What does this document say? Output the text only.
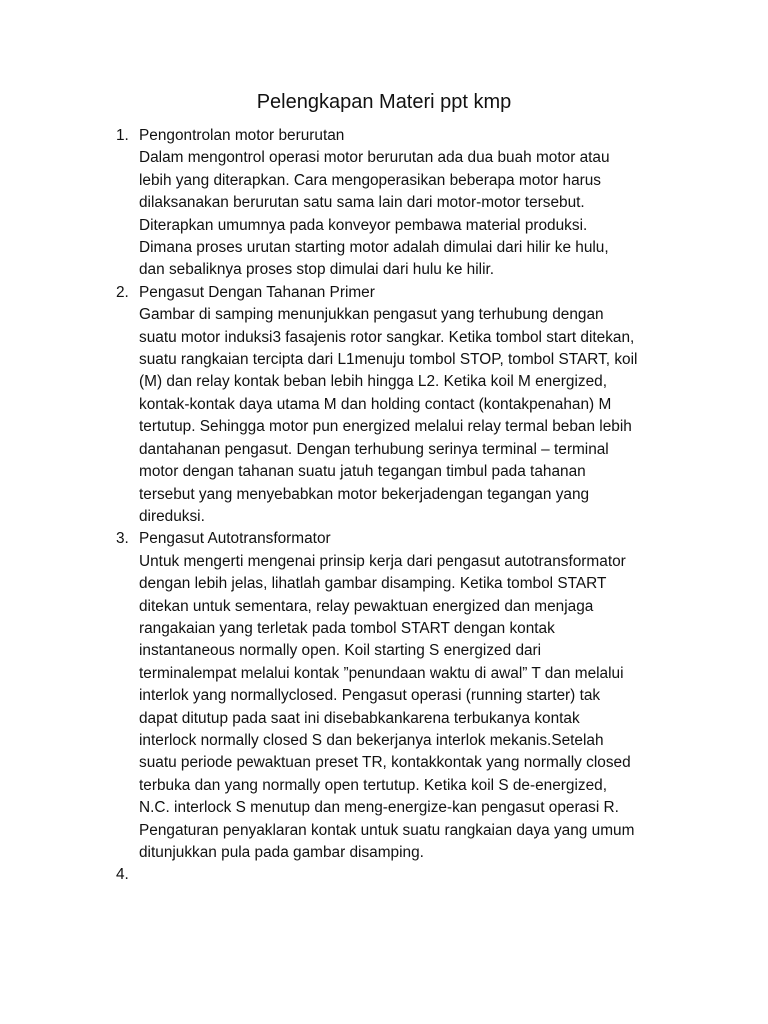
Pelengkapan Materi ppt kmp
1. Pengontrolan motor berurutan
Dalam mengontrol operasi motor berurutan ada dua buah motor atau
lebih yang diterapkan. Cara mengoperasikan beberapa motor harus
dilaksanakan berurutan satu sama lain dari motor-motor tersebut.
Diterapkan umumnya pada konveyor pembawa material produksi.
Dimana proses urutan starting motor adalah dimulai dari hilir ke hulu,
dan sebaliknya proses stop dimulai dari hulu ke hilir.
2. Pengasut Dengan Tahanan Primer
Gambar di samping menunjukkan pengasut yang terhubung dengan
suatu motor induksi3 fasajenis rotor sangkar. Ketika tombol start ditekan,
suatu rangkaian tercipta dari L1menuju tombol STOP, tombol START, koil
(M) dan relay kontak beban lebih hingga L2. Ketika koil M energized,
kontak-kontak daya utama M dan holding contact (kontakpenahan) M
tertutup. Sehingga motor pun energized melalui relay termal beban lebih
dantahanan pengasut. Dengan terhubung serinya terminal – terminal
motor dengan tahanan suatu jatuh tegangan timbul pada tahanan
tersebut yang menyebabkan motor bekerjadengan tegangan yang
direduksi.
3. Pengasut Autotransformator
Untuk mengerti mengenai prinsip kerja dari pengasut autotransformator
dengan lebih jelas, lihatlah gambar disamping. Ketika tombol START
ditekan untuk sementara, relay pewaktuan energized dan menjaga
rangakaian yang terletak pada tombol START dengan kontak
instantaneous normally open. Koil starting S energized dari
terminalempat melalui kontak ”penundaan waktu di awal” T dan melalui
interlok yang normallyclosed. Pengasut operasi (running starter) tak
dapat ditutup pada saat ini disebabkankarena terbukanya kontak
interlock normally closed S dan bekerjanya interlok mekanis.Setelah
suatu periode pewaktuan preset TR, kontakkontak yang normally closed
terbuka dan yang normally open tertutup. Ketika koil S de-energized,
N.C. interlock S menutup dan meng-energize-kan pengasut operasi R.
Pengaturan penyaklaran kontak untuk suatu rangkaian daya yang umum
ditunjukkan pula pada gambar disamping.
4.
